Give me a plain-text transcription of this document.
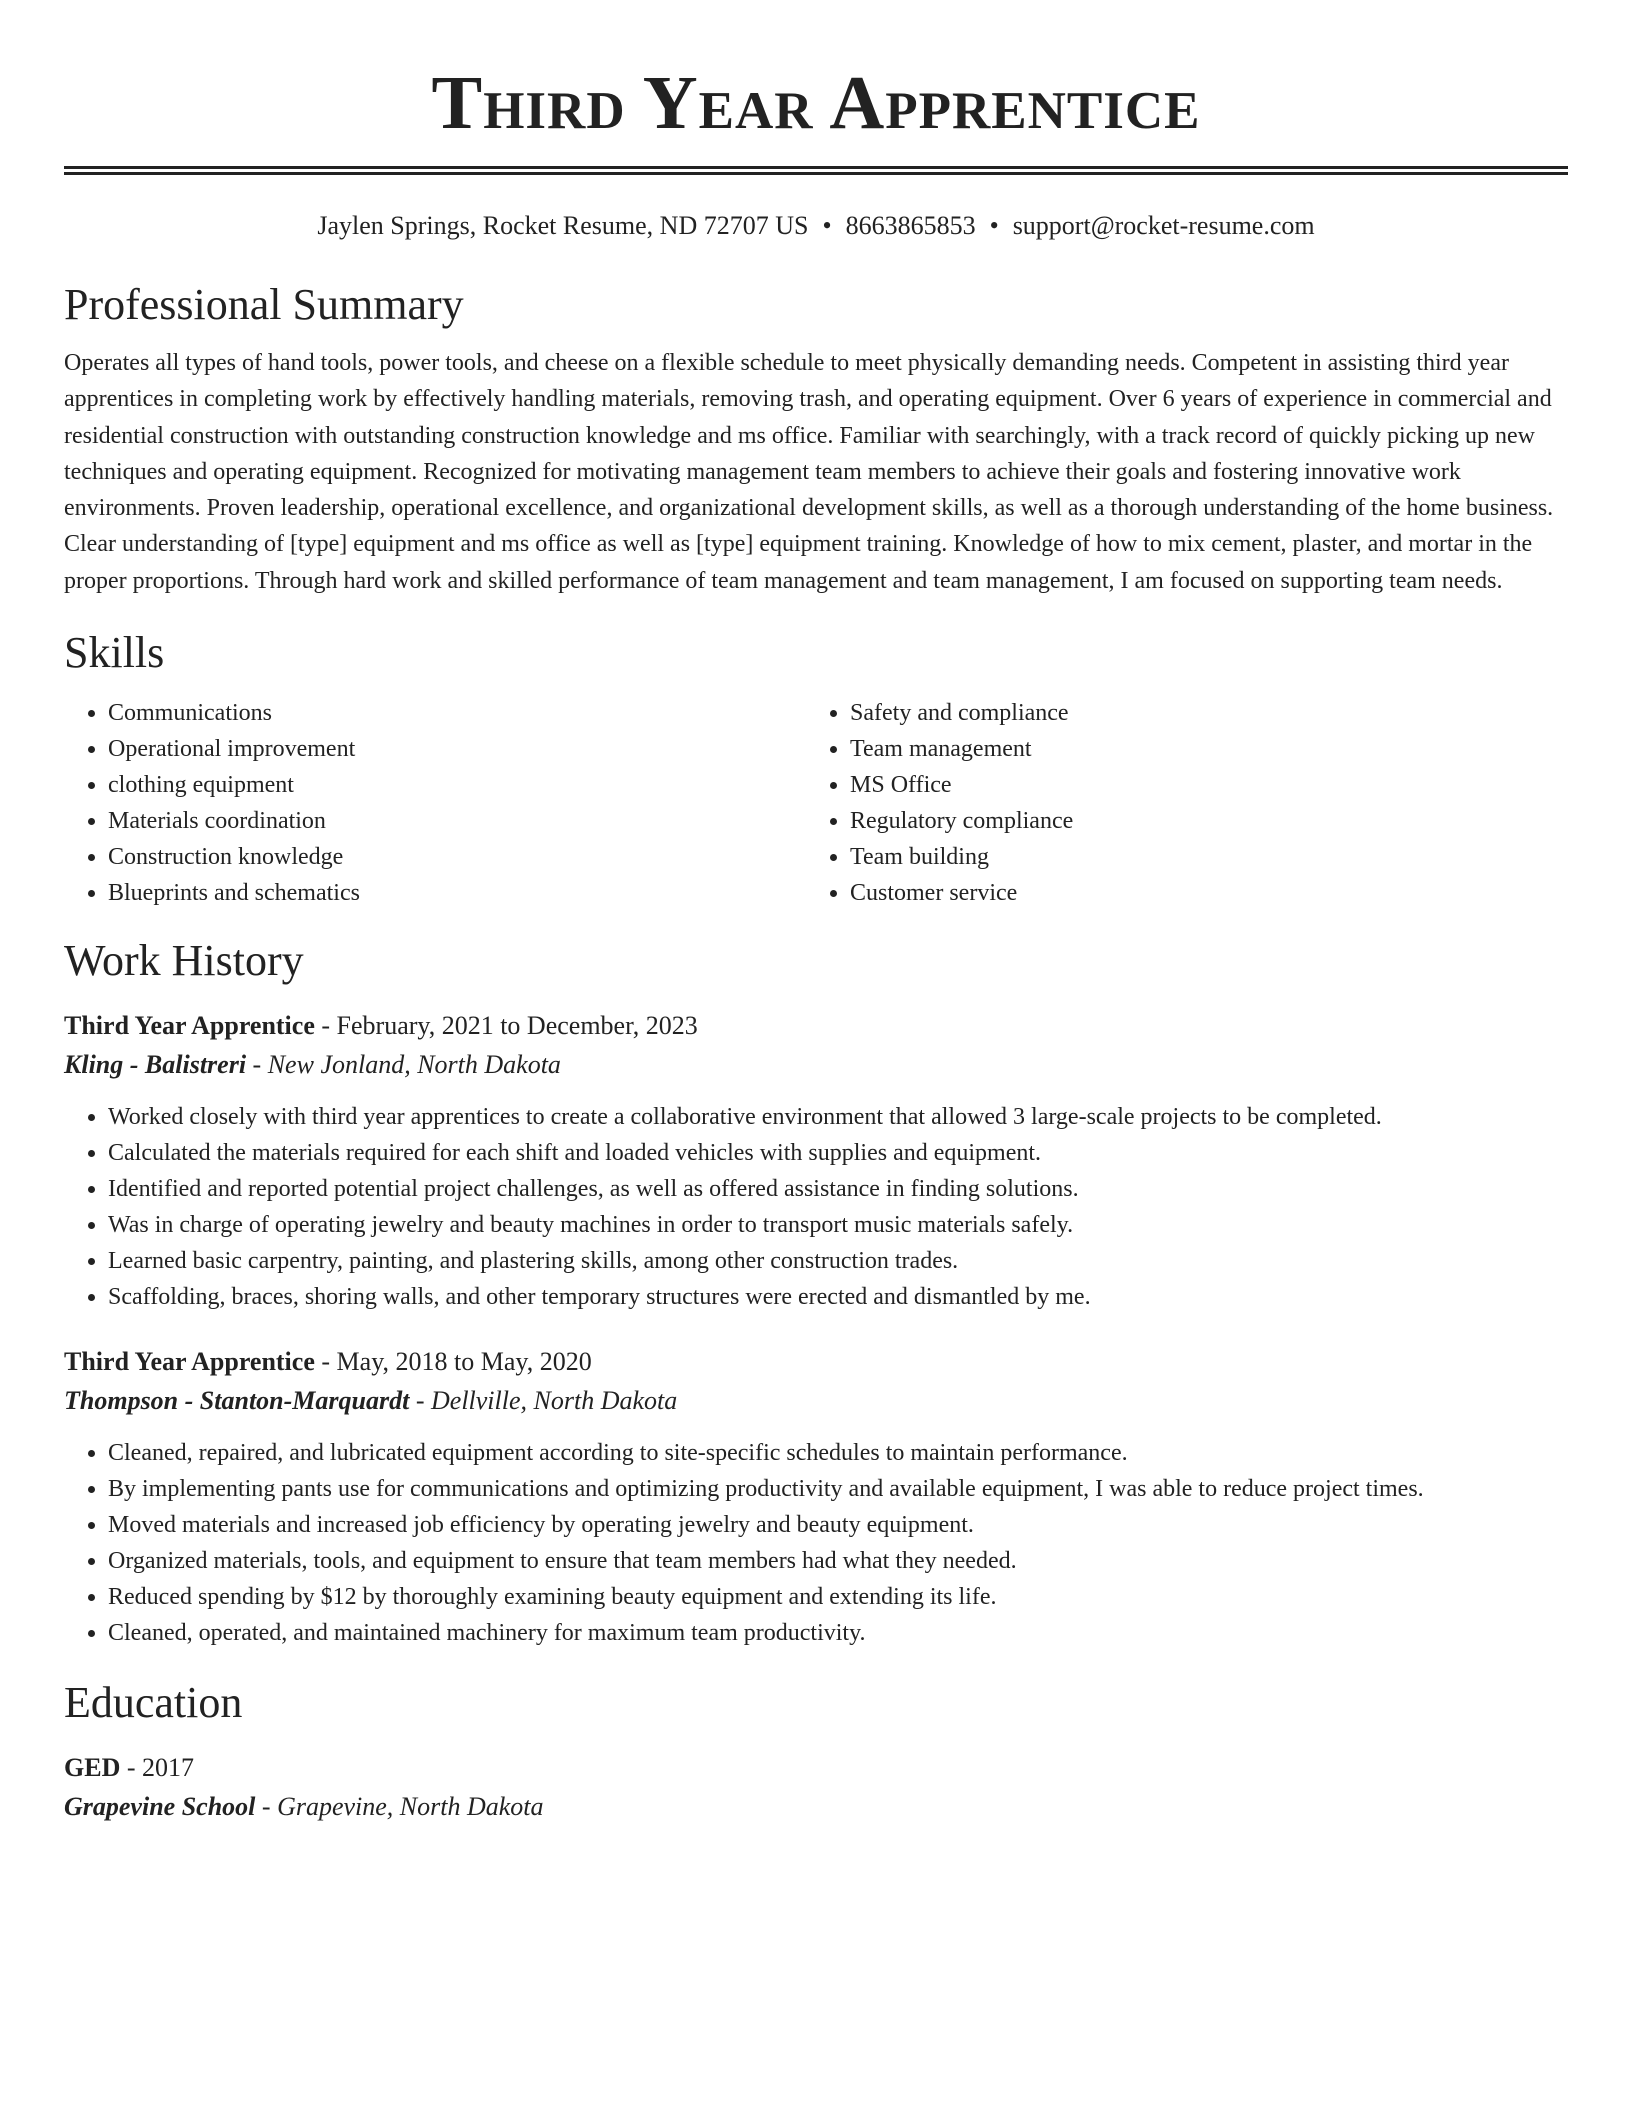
Third Year Apprentice
Jaylen Springs, Rocket Resume, ND 72707 US • 8663865853 • support@rocket-resume.com
Professional Summary

Operates all types of hand tools, power tools, and cheese on a flexible schedule to meet physically demanding needs. Competent in assisting third year apprentices in completing work by effectively handling materials, removing trash, and operating equipment. Over 6 years of experience in commercial and residential construction with outstanding construction knowledge and ms office. Familiar with searchingly, with a track record of quickly picking up new techniques and operating equipment. Recognized for motivating management team members to achieve their goals and fostering innovative work environments. Proven leadership, operational excellence, and organizational development skills, as well as a thorough understanding of the home business. Clear understanding of [type] equipment and ms office as well as [type] equipment training. Knowledge of how to mix cement, plaster, and mortar in the proper proportions. Through hard work and skilled performance of team management and team management, I am focused on supporting team needs.

Skills
• Communications
• Operational improvement
• clothing equipment
• Materials coordination
• Construction knowledge
• Blueprints and schematics
• Safety and compliance
• Team management
• MS Office
• Regulatory compliance
• Team building
• Customer service
Work History
Third Year Apprentice - February, 2021 to December, 2023
Kling - Balistreri - New Jonland, North Dakota
• Worked closely with third year apprentices to create a collaborative environment that allowed 3 large-scale projects to be completed.
• Calculated the materials required for each shift and loaded vehicles with supplies and equipment.
• Identified and reported potential project challenges, as well as offered assistance in finding solutions.
• Was in charge of operating jewelry and beauty machines in order to transport music materials safely.
• Learned basic carpentry, painting, and plastering skills, among other construction trades.
• Scaffolding, braces, shoring walls, and other temporary structures were erected and dismantled by me.
Third Year Apprentice - May, 2018 to May, 2020
Thompson - Stanton-Marquardt - Dellville, North Dakota
• Cleaned, repaired, and lubricated equipment according to site-specific schedules to maintain performance.
• By implementing pants use for communications and optimizing productivity and available equipment, I was able to reduce project times.
• Moved materials and increased job efficiency by operating jewelry and beauty equipment.
• Organized materials, tools, and equipment to ensure that team members had what they needed.
• Reduced spending by $12 by thoroughly examining beauty equipment and extending its life.
• Cleaned, operated, and maintained machinery for maximum team productivity.
Education
GED - 2017
Grapevine School - Grapevine, North Dakota
